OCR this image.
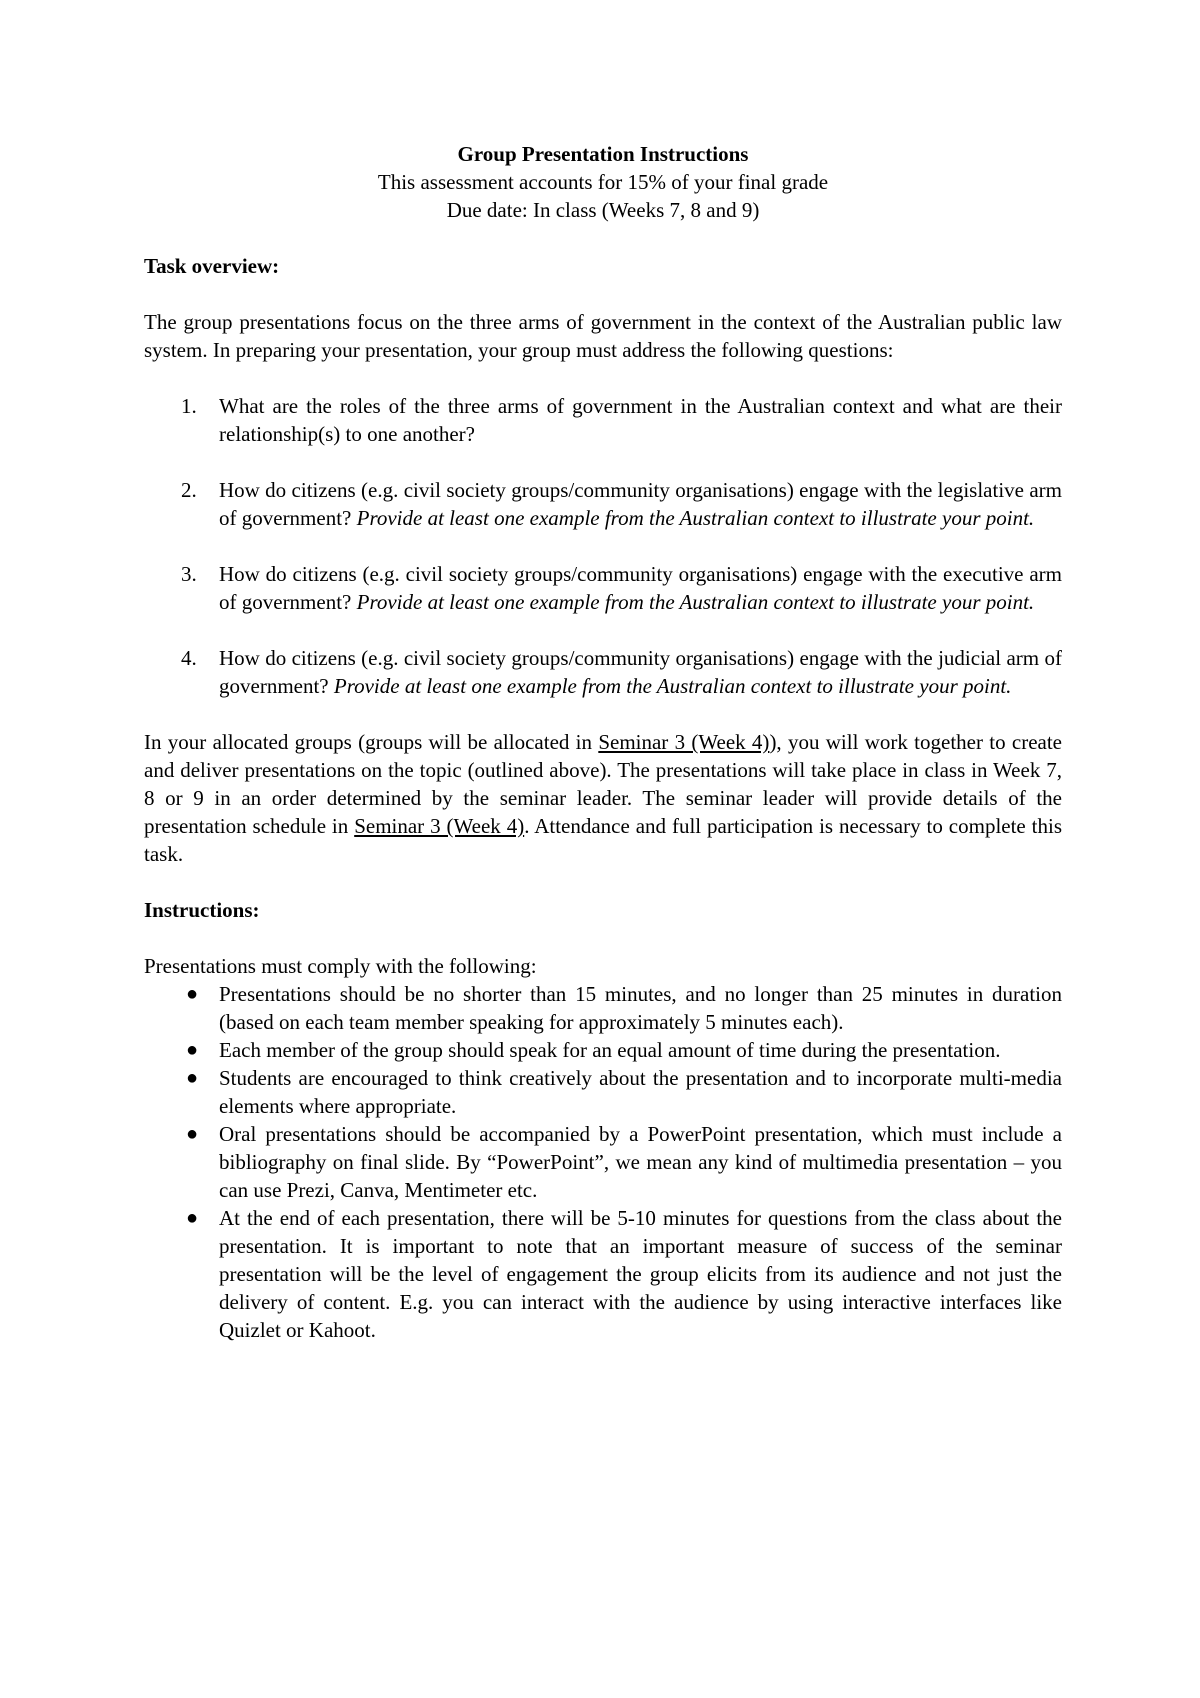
Group Presentation Instructions

This assessment accounts for 15% of your final grade

Due date: In class (Weeks 7, 8 and 9)

Task overview:

The group presentations focus on the three arms of government in the context of the Australian public law system. In preparing your presentation, your group must address the following questions:

1. What are the roles of the three arms of government in the Australian context and what are their relationship(s) to one another?
2. How do citizens (e.g. civil society groups/community organisations) engage with the legislative arm of government? Provide at least one example from the Australian context to illustrate your point.
3. How do citizens (e.g. civil society groups/community organisations) engage with the executive arm of government? Provide at least one example from the Australian context to illustrate your point.
4. How do citizens (e.g. civil society groups/community organisations) engage with the judicial arm of government? Provide at least one example from the Australian context to illustrate your point.

In your allocated groups (groups will be allocated in Seminar 3 (Week 4)), you will work together to create and deliver presentations on the topic (outlined above). The presentations will take place in class in Week 7, 8 or 9 in an order determined by the seminar leader. The seminar leader will provide details of the presentation schedule in Seminar 3 (Week 4). Attendance and full participation is necessary to complete this task.

Instructions:

Presentations must comply with the following:

● Presentations should be no shorter than 15 minutes, and no longer than 25 minutes in duration (based on each team member speaking for approximately 5 minutes each).
● Each member of the group should speak for an equal amount of time during the presentation.
● Students are encouraged to think creatively about the presentation and to incorporate multi-media elements where appropriate.
● Oral presentations should be accompanied by a PowerPoint presentation, which must include a bibliography on final slide. By “PowerPoint”, we mean any kind of multimedia presentation – you can use Prezi, Canva, Mentimeter etc.
● At the end of each presentation, there will be 5-10 minutes for questions from the class about the presentation. It is important to note that an important measure of success of the seminar presentation will be the level of engagement the group elicits from its audience and not just the delivery of content. E.g. you can interact with the audience by using interactive interfaces like Quizlet or Kahoot.
